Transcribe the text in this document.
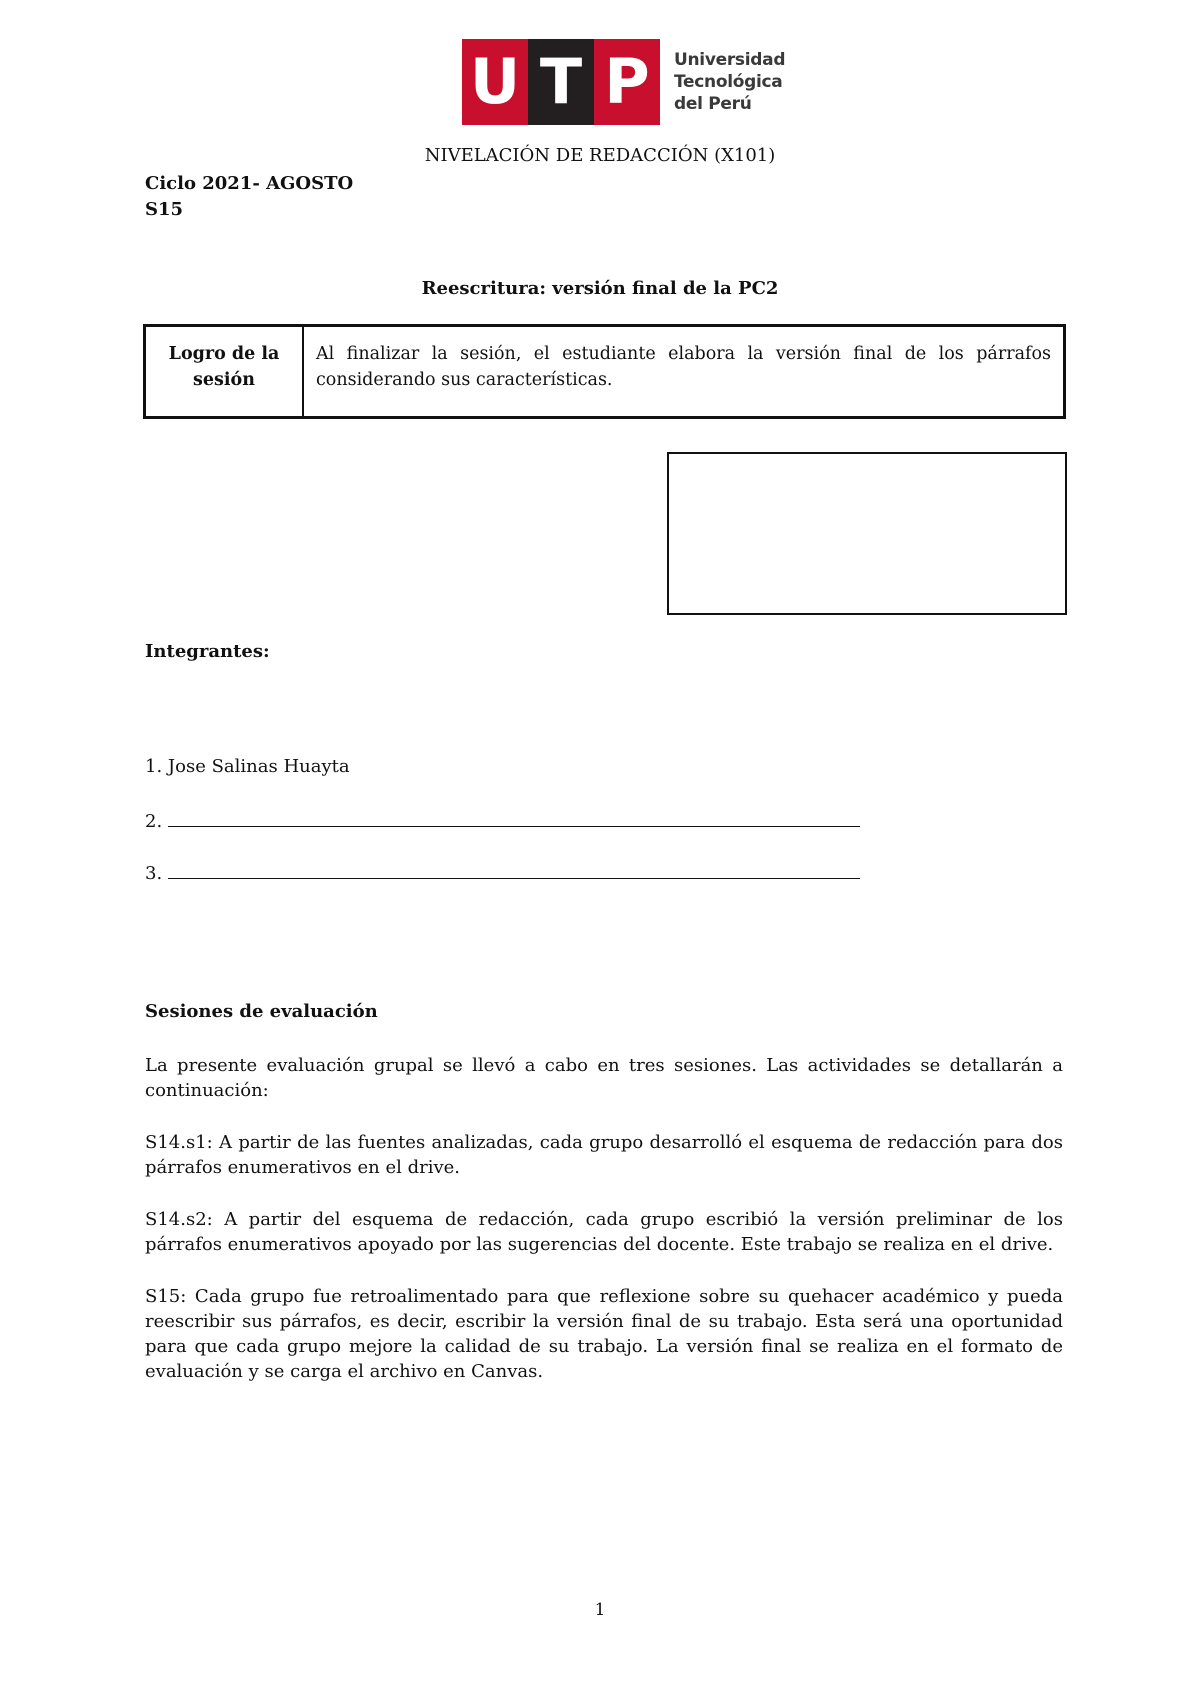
U T P	Universidad
Tecnológica
del Perú
NIVELACIÓN DE REDACCIÓN (X101)
Ciclo 2021- AGOSTO
S15
Reescritura: versión final de la PC2
Logro de la sesión	Al finalizar la sesión, el estudiante elabora la versión final de los párrafos considerando sus características.
Integrantes:
1. Jose Salinas Huayta
2.
3.
Sesiones de evaluación
La presente evaluación grupal se llevó a cabo en tres sesiones. Las actividades se detallarán a continuación:
S14.s1: A partir de las fuentes analizadas, cada grupo desarrolló el esquema de redacción para dos párrafos enumerativos en el drive.
S14.s2: A partir del esquema de redacción, cada grupo escribió la versión preliminar de los párrafos enumerativos apoyado por las sugerencias del docente. Este trabajo se realiza en el drive.
S15: Cada grupo fue retroalimentado para que reflexione sobre su quehacer académico y pueda reescribir sus párrafos, es decir, escribir la versión final de su trabajo. Esta será una oportunidad para que cada grupo mejore la calidad de su trabajo. La versión final se realiza en el formato de evaluación y se carga el archivo en Canvas.
1
